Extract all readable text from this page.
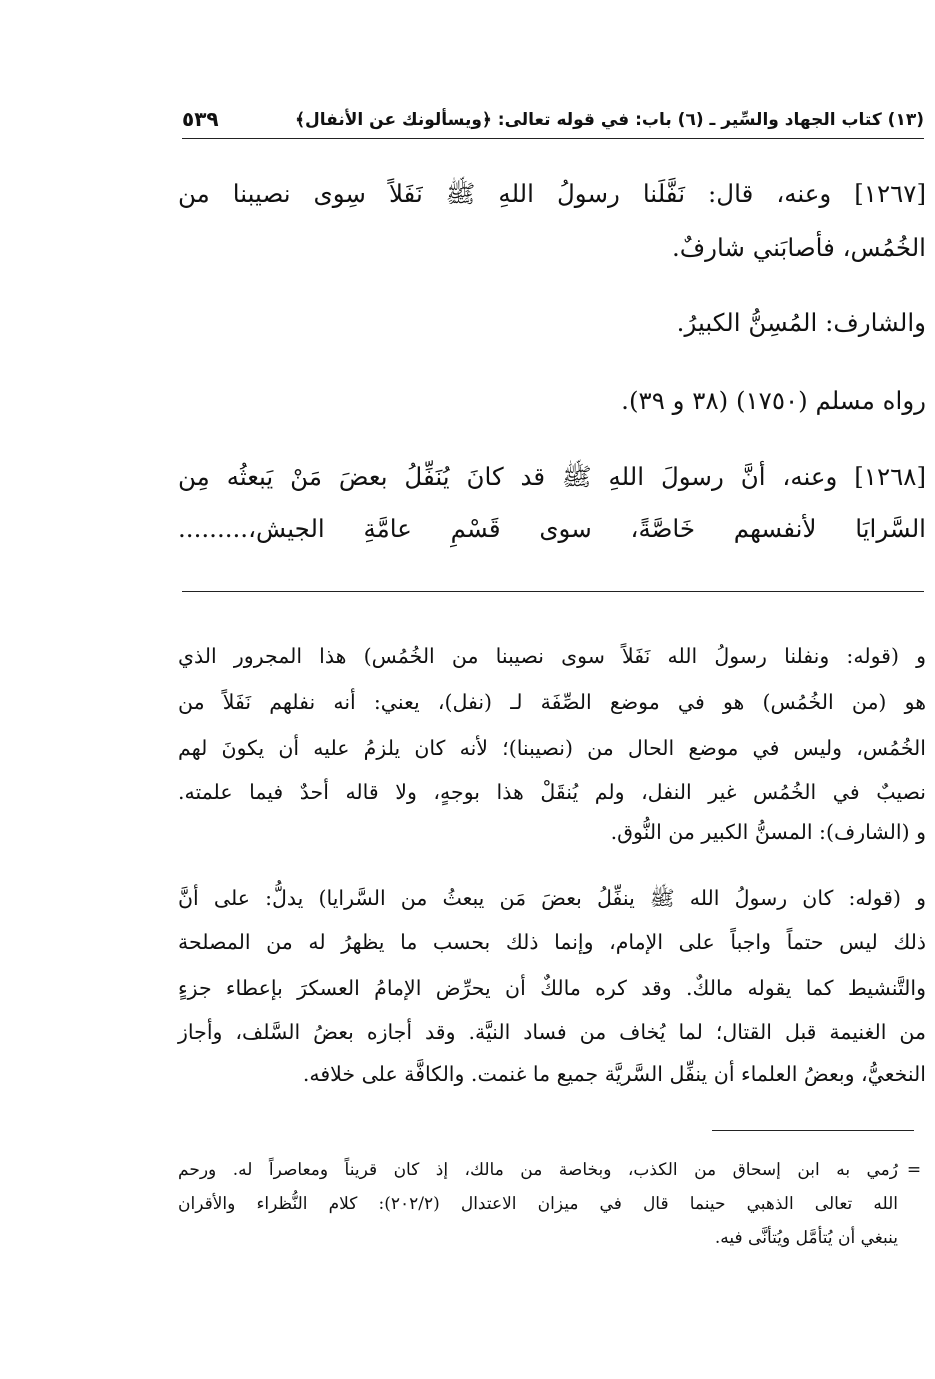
٥٣٩	(١٣) كتاب الجهاد والسِّير ـ (٦) باب: في قوله تعالى: ﴿ويسألونك عن الأنفال﴾
[١٢٦٧] وعنه، قال: نَفَّلَنا رسولُ اللهِ ﷺ نَفَلاً سِوى نصيبنا من
الخُمُس، فأصابَني شارفٌ.
والشارف: المُسِنُّ الكبيرُ.
رواه مسلم (١٧٥٠) (٣٨ و ٣٩).
[١٢٦٨] وعنه، أنَّ رسولَ اللهِ ﷺ قد كانَ يُنَفِّلُ بعضَ مَنْ يَبعثُه مِن
السَّرايَا لأنفسهم خَاصَّةً، سوى قَسْمِ عامَّةِ الجيش،.........
و (قوله: ونفلنا رسولُ الله نَفَلاً سوى نصيبنا من الخُمُس) هذا المجرور الذي
هو (من الخُمُس) هو في موضع الصِّفَة لـ (نفل)، يعني: أنه نفلهم نَفَلاً من
الخُمُس، وليس في موضع الحال من (نصيبنا)؛ لأنه كان يلزمُ عليه أن يكونَ لهم
نصيبٌ في الخُمُس غير النفل، ولم يُنقَلْ هذا بوجهٍ، ولا قاله أحدٌ فيما علمته.
و (الشارف): المسنُّ الكبير من النُّوق.
و (قوله: كان رسولُ الله ﷺ ينفِّلُ بعضَ مَن يبعثُ من السَّرايا) يدلُّ: على أنَّ
ذلك ليس حتماً واجباً على الإمام، وإنما ذلك بحسب ما يظهرُ له من المصلحة
والتَّنشيط كما يقوله مالكٌ. وقد كره مالكٌ أن يحرِّض الإمامُ العسكرَ بإعطاء جزءٍ
من الغنيمة قبل القتال؛ لما يُخاف من فساد النيَّة. وقد أجازه بعضُ السَّلف، وأجاز
النخعيُّ، وبعضُ العلماء أن ينفِّل السَّريَّة جميع ما غنمت. والكافَّة على خلافه.
=
رُمي به ابن إسحاق من الكذب، وبخاصة من مالك، إذ كان قريناً ومعاصراً له. ورحم
الله تعالى الذهبي حينما قال في ميزان الاعتدال (٢٠٢/٢): كلام النُّظراء والأقران
ينبغي أن يُتأمَّل ويُتأنَّى فيه.
